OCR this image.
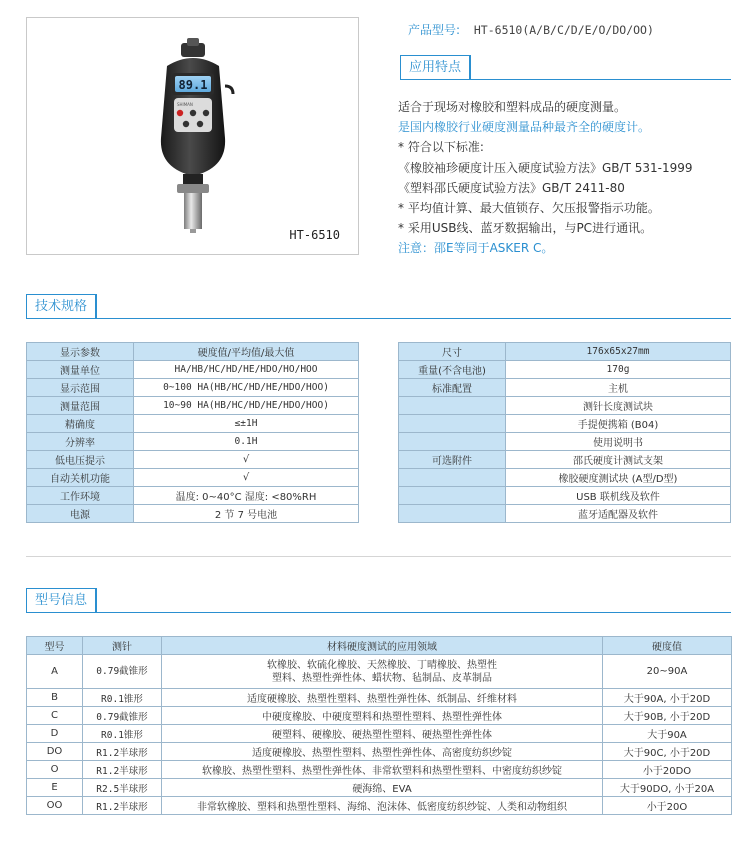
89.1
SHIMAN
HT-6510
产品型号: HT-6510(A/B/C/D/E/O/DO/OO)
应用特点
适合于现场对橡胶和塑料成品的硬度测量。
是国内橡胶行业硬度测量品种最齐全的硬度计。
* 符合以下标准:
《橡胶袖珍硬度计压入硬度试验方法》GB/T 531-1999
《塑料邵氏硬度试验方法》GB/T 2411-80
* 平均值计算、最大值锁存、欠压报警指示功能。
* 采用USB线、蓝牙数据输出，与PC进行通讯。
注意：邵E等同于ASKER C。
技术规格
显示参数	硬度值/平均值/最大值
测量单位	HA/HB/HC/HD/HE/HDO/HO/HOO
显示范围	0~100 HA(HB/HC/HD/HE/HDO/HOO)
测量范围	10~90 HA(HB/HC/HD/HE/HDO/HOO)
精确度	≤±1H
分辨率	0.1H
低电压提示	√
自动关机功能	√
工作环境	温度: 0~40°C 湿度: <80%RH
电源	2 节 7 号电池
尺寸	176x65x27mm
重量(不含电池)	170g
标准配置	主机
	测针长度测试块
	手提便携箱 (B04)
	使用说明书
可选附件	邵氏硬度计测试支架
	橡胶硬度测试块 (A型/D型)
	USB 联机线及软件
	蓝牙适配器及软件
型号信息
型号	测针	材料硬度测试的应用领域	硬度值
A	0.79截锥形	软橡胶、软硫化橡胶、天然橡胶、丁晴橡胶、热塑性
塑料、热塑性弹性体、蜡状物、毡制品、皮革制品	20~90A
B	R0.1锥形	适度硬橡胶、热塑性塑料、热塑性弹性体、纸制品、纤维材料	大于90A, 小于20D
C	0.79截锥形	中硬度橡胶、中硬度塑料和热塑性塑料、热塑性弹性体	大于90B, 小于20D
D	R0.1锥形	硬塑料、硬橡胶、硬热塑性塑料、硬热塑性弹性体	大于90A
DO	R1.2半球形	适度硬橡胶、热塑性塑料、热塑性弹性体、高密度纺织纱锭	大于90C, 小于20D
O	R1.2半球形	软橡胶、热塑性塑料、热塑性弹性体、非常软塑料和热塑性塑料、中密度纺织纱锭	小于20DO
E	R2.5半球形	硬海绵、EVA	大于90DO, 小于20A
OO	R1.2半球形	非常软橡胶、塑料和热塑性塑料、海绵、泡沫体、低密度纺织纱锭、人类和动物组织	小于20O
